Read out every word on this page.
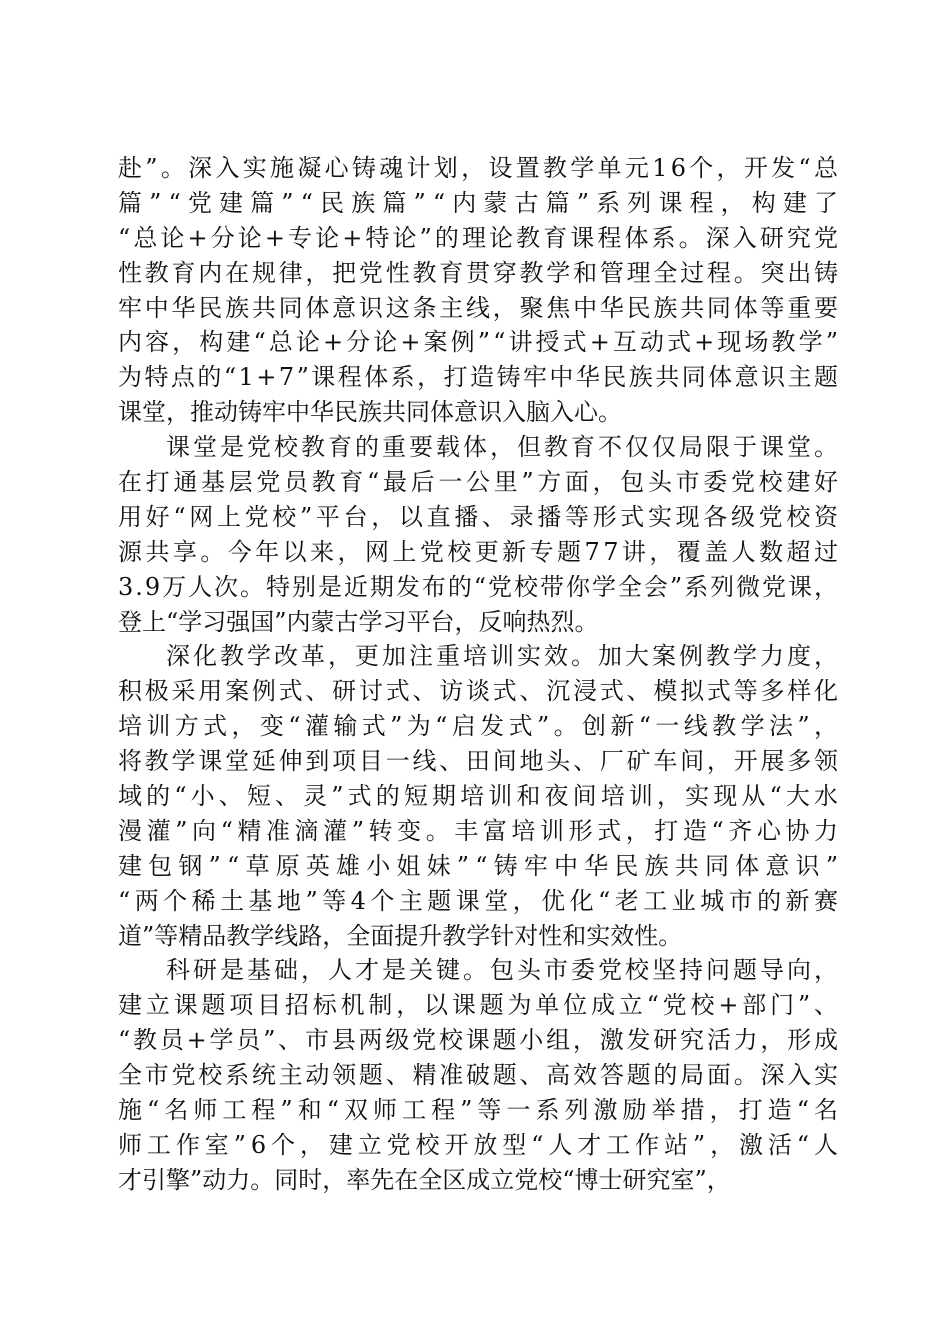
赴”。深入实施凝心铸魂计划，设置教学单元16个，开发“总
篇”“党建篇”“民族篇”“内蒙古篇”系列课程，构建了
“总论+分论+专论+特论”的理论教育课程体系。深入研究党
性教育内在规律，把党性教育贯穿教学和管理全过程。突出铸
牢中华民族共同体意识这条主线，聚焦中华民族共同体等重要
内容，构建“总论+分论+案例”“讲授式+互动式+现场教学”
为特点的“1+7”课程体系，打造铸牢中华民族共同体意识主题
课堂，推动铸牢中华民族共同体意识入脑入心。
课堂是党校教育的重要载体，但教育不仅仅局限于课堂。
在打通基层党员教育“最后一公里”方面，包头市委党校建好
用好“网上党校”平台，以直播、录播等形式实现各级党校资
源共享。今年以来，网上党校更新专题77讲，覆盖人数超过
3.9万人次。特别是近期发布的“党校带你学全会”系列微党课，
登上“学习强国”内蒙古学习平台，反响热烈。
深化教学改革，更加注重培训实效。加大案例教学力度，
积极采用案例式、研讨式、访谈式、沉浸式、模拟式等多样化
培训方式，变“灌输式”为“启发式”。创新“一线教学法”，
将教学课堂延伸到项目一线、田间地头、厂矿车间，开展多领
域的“小、短、灵”式的短期培训和夜间培训，实现从“大水
漫灌”向“精准滴灌”转变。丰富培训形式，打造“齐心协力
建包钢”“草原英雄小姐妹”“铸牢中华民族共同体意识”
“两个稀土基地”等4个主题课堂，优化“老工业城市的新赛
道”等精品教学线路，全面提升教学针对性和实效性。
科研是基础，人才是关键。包头市委党校坚持问题导向，
建立课题项目招标机制，以课题为单位成立“党校+部门”、
“教员+学员”、市县两级党校课题小组，激发研究活力，形成
全市党校系统主动领题、精准破题、高效答题的局面。深入实
施“名师工程”和“双师工程”等一系列激励举措，打造“名
师工作室”6个，建立党校开放型“人才工作站”，激活“人
才引擎”动力。同时，率先在全区成立党校“博士研究室”，
